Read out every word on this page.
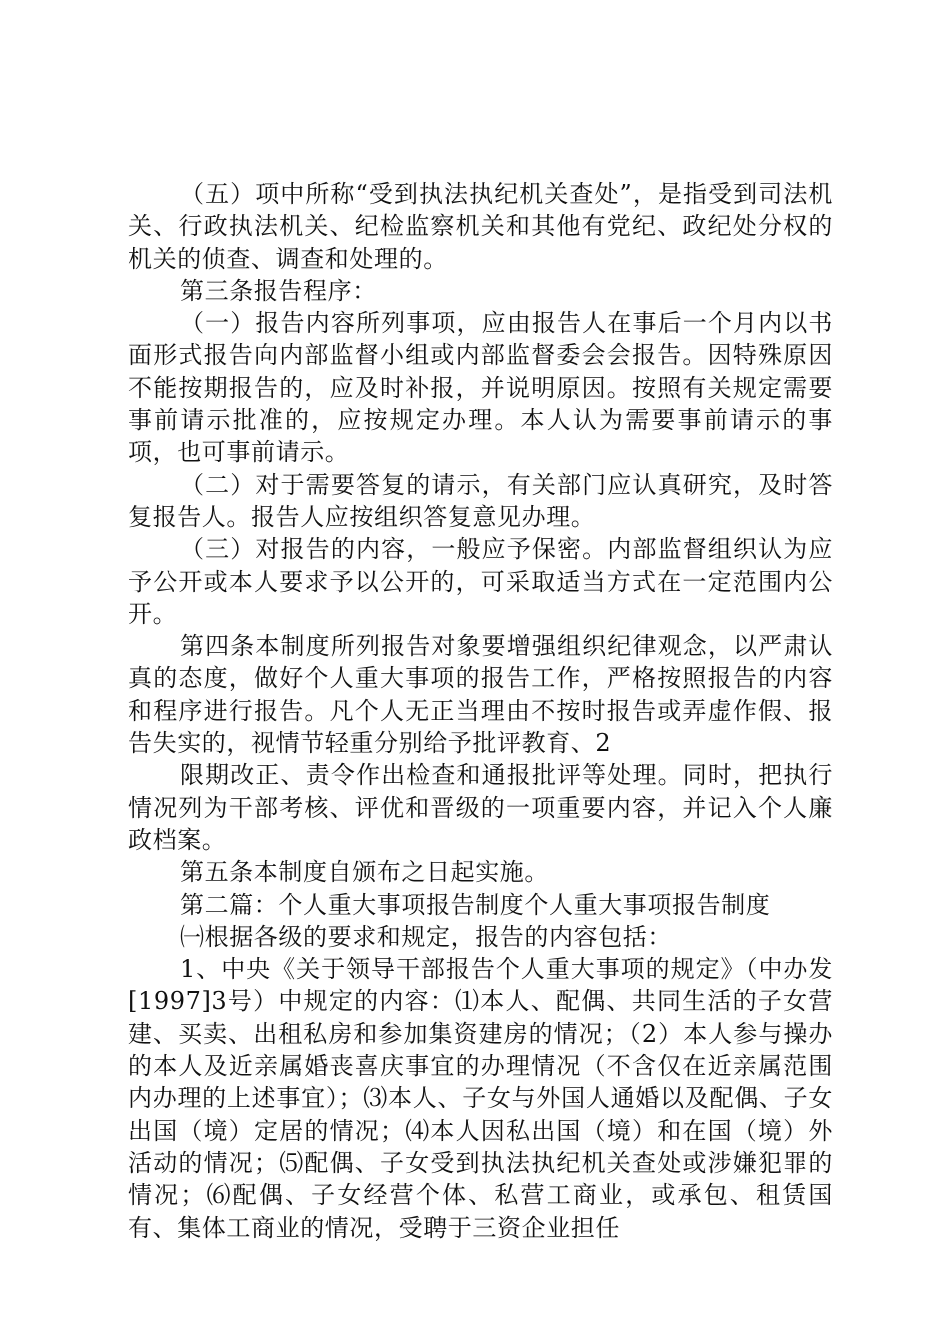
（五）项中所称“受到执法执纪机关查处”，是指受到司法机关、行政执法机关、纪检监察机关和其他有党纪、政纪处分权的机关的侦查、调查和处理的。

第三条报告程序：

（一）报告内容所列事项，应由报告人在事后一个月内以书面形式报告向内部监督小组或内部监督委会会报告。因特殊原因不能按期报告的，应及时补报，并说明原因。按照有关规定需要事前请示批准的，应按规定办理。本人认为需要事前请示的事项，也可事前请示。

（二）对于需要答复的请示，有关部门应认真研究，及时答复报告人。报告人应按组织答复意见办理。

（三）对报告的内容，一般应予保密。内部监督组织认为应予公开或本人要求予以公开的，可采取适当方式在一定范围内公开。

第四条本制度所列报告对象要增强组织纪律观念，以严肃认真的态度，做好个人重大事项的报告工作，严格按照报告的内容和程序进行报告。凡个人无正当理由不按时报告或弄虚作假、报告失实的，视情节轻重分别给予批评教育、2

限期改正、责令作出检查和通报批评等处理。同时，把执行情况列为干部考核、评优和晋级的一项重要内容，并记入个人廉政档案。

第五条本制度自颁布之日起实施。

第二篇：个人重大事项报告制度个人重大事项报告制度

㈠根据各级的要求和规定，报告的内容包括：

1、中央《关于领导干部报告个人重大事项的规定》（中办发[1997]3号）中规定的内容：⑴本人、配偶、共同生活的子女营建、买卖、出租私房和参加集资建房的情况；（2）本人参与操办的本人及近亲属婚丧喜庆事宜的办理情况（不含仅在近亲属范围内办理的上述事宜）；⑶本人、子女与外国人通婚以及配偶、子女出国（境）定居的情况；⑷本人因私出国（境）和在国（境）外活动的情况；⑸配偶、子女受到执法执纪机关查处或涉嫌犯罪的情况；⑹配偶、子女经营个体、私营工商业，或承包、租赁国有、集体工商业的情况，受聘于三资企业担任
